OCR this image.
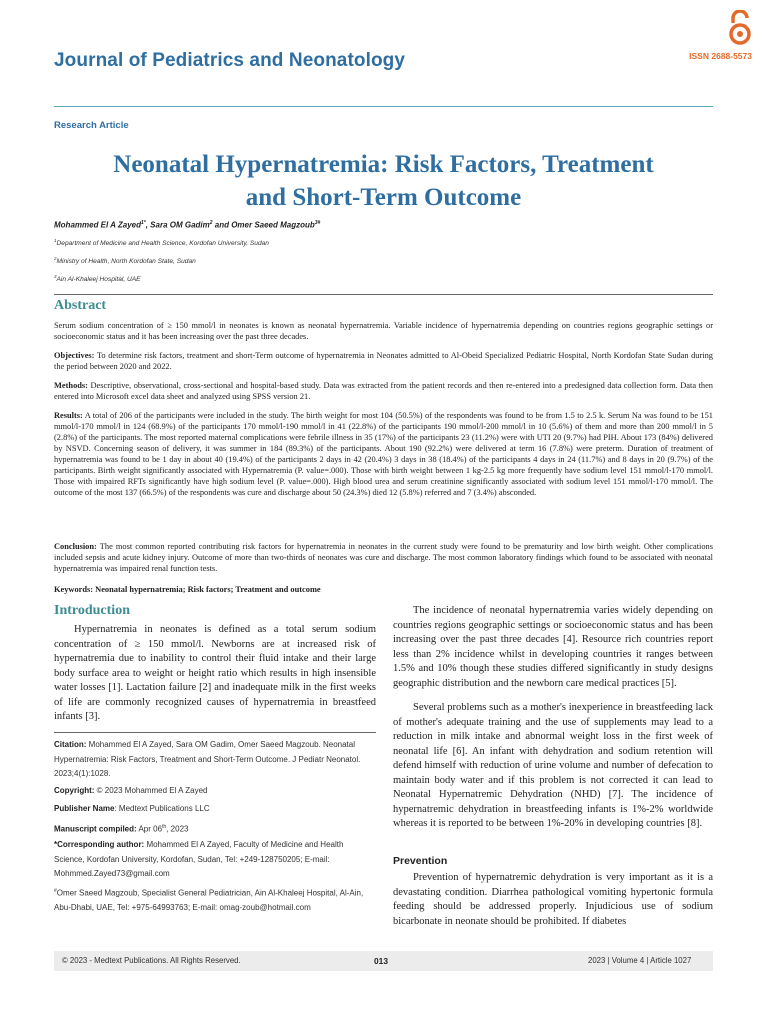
Journal of Pediatrics and Neonatology	ISSN 2688-5573
Research Article
Neonatal Hypernatremia: Risk Factors, Treatment
and Short-Term Outcome
Mohammed El A Zayed$^{1*}$, Sara OM Gadim$^2$ and Omer Saeed Magzoub$^{3\#}$
$^1$Department of Medicine and Health Science, Kordofan University, Sudan
$^2$Ministry of Health, North Kordofan State, Sudan
$^3$Ain Al-Khaleej Hospital, UAE
Abstract
Serum sodium concentration of ≥ 150 mmol/l in neonates is known as neonatal hypernatremia. Variable incidence of hypernatremia depending on countries regions geographic settings or socioeconomic status and it has been increasing over the past three decades.
Objectives: To determine risk factors, treatment and short-Term outcome of hypernatremia in Neonates admitted to Al-Obeid Specialized Pediatric Hospital, North Kordofan State Sudan during the period between 2020 and 2022.
Methods: Descriptive, observational, cross-sectional and hospital-based study. Data was extracted from the patient records and then re-entered into a predesigned data collection form. Data then entered into Microsoft excel data sheet and analyzed using SPSS version 21.
Results: A total of 206 of the participants were included in the study. The birth weight for most 104 (50.5%) of the respondents was found to be from 1.5 to 2.5 k. Serum Na was found to be 151 mmol/l-170 mmol/l in 124 (68.9%) of the participants 170 mmol/l-190 mmol/l in 41 (22.8%) of the participants 190 mmol/l-200 mmol/l in 10 (5.6%) of them and more than 200 mmol/l in 5 (2.8%) of the participants. The most reported maternal complications were febrile illness in 35 (17%) of the participants 23 (11.2%) were with UTI 20 (9.7%) had PIH. About 173 (84%) delivered by NSVD. Concerning season of delivery, it was summer in 184 (89.3%) of the participants. About 190 (92.2%) were delivered at term 16 (7.8%) were preterm. Duration of treatment of hypernatremia was found to be 1 day in about 40 (19.4%) of the participants 2 days in 42 (20.4%) 3 days in 38 (18.4%) of the participants 4 days in 24 (11.7%) and 8 days in 20 (9.7%) of the participants. Birth weight significantly associated with Hypernatremia (P. value=.000). Those with birth weight between 1 kg-2.5 kg more frequently have sodium level 151 mmol/l-170 mmol/l. Those with impaired RFTs significantly have high sodium level (P. value=.000). High blood urea and serum creatinine significantly associated with sodium level 151 mmol/l-170 mmol/l. The outcome of the most 137 (66.5%) of the respondents was cure and discharge about 50 (24.3%) died 12 (5.8%) referred and 7 (3.4%) absconded.
Conclusion: The most common reported contributing risk factors for hypernatremia in neonates in the current study were found to be prematurity and low birth weight. Other complications included sepsis and acute kidney injury. Outcome of more than two-thirds of neonates was cure and discharge. The most common laboratory findings which found to be associated with neonatal hypernatremia was impaired renal function tests.
Keywords: Neonatal hypernatremia; Risk factors; Treatment and outcome
Introduction

Hypernatremia in neonates is defined as a total serum sodium concentration of ≥ 150 mmol/l. Newborns are at increased risk of hypernatremia due to inability to control their fluid intake and their large body surface area to weight or height ratio which results in high insensible water losses [1]. Lactation failure [2] and inadequate milk in the first weeks of life are commonly recognized causes of hypernatremia in breastfeed infants [3].

Citation: Mohammed El A Zayed, Sara OM Gadim, Omer Saeed Magzoub. Neonatal Hypernatremia: Risk Factors, Treatment and Short-Term Outcome. J Pediatr Neonatol. 2023;4(1):1028.
Copyright: © 2023 Mohammed El A Zayed
Publisher Name: Medtext Publications LLC
Manuscript compiled: Apr 06th, 2023
*Corresponding author: Mohammed El A Zayed, Faculty of Medicine and Health Science, Kordofan University, Kordofan, Sudan, Tel: +249-128750205; E-mail: Mohmmed.Zayed73@gmail.com
#Omer Saeed Magzoub, Specialist General Pediatrician, Ain Al-Khaleej Hospital, Al-Ain, Abu-Dhabi, UAE, Tel: +975-64993763; E-mail: omag-zoub@hotmail.com

The incidence of neonatal hypernatremia varies widely depending on countries regions geographic settings or socioeconomic status and has been increasing over the past three decades [4]. Resource rich countries report less than 2% incidence whilst in developing countries it ranges between 1.5% and 10% though these studies differed significantly in study designs geographic distribution and the newborn care medical practices [5].

Several problems such as a mother's inexperience in breastfeeding lack of mother's adequate training and the use of supplements may lead to a reduction in milk intake and abnormal weight loss in the first week of neonatal life [6]. An infant with dehydration and sodium retention will defend himself with reduction of urine volume and number of defecation to maintain body water and if this problem is not corrected it can lead to Neonatal Hypernatremic Dehydration (NHD) [7]. The incidence of hypernatremic dehydration in breastfeeding infants is 1%-2% worldwide whereas it is reported to be between 1%-20% in developing countries [8].

Prevention

Prevention of hypernatremic dehydration is very important as it is a devastating condition. Diarrhea pathological vomiting hypertonic formula feeding should be addressed properly. Injudicious use of sodium bicarbonate in neonate should be prohibited. If diabetes

© 2023 - Medtext Publications. All Rights Reserved.	013	2023 | Volume 4 | Article 1027
